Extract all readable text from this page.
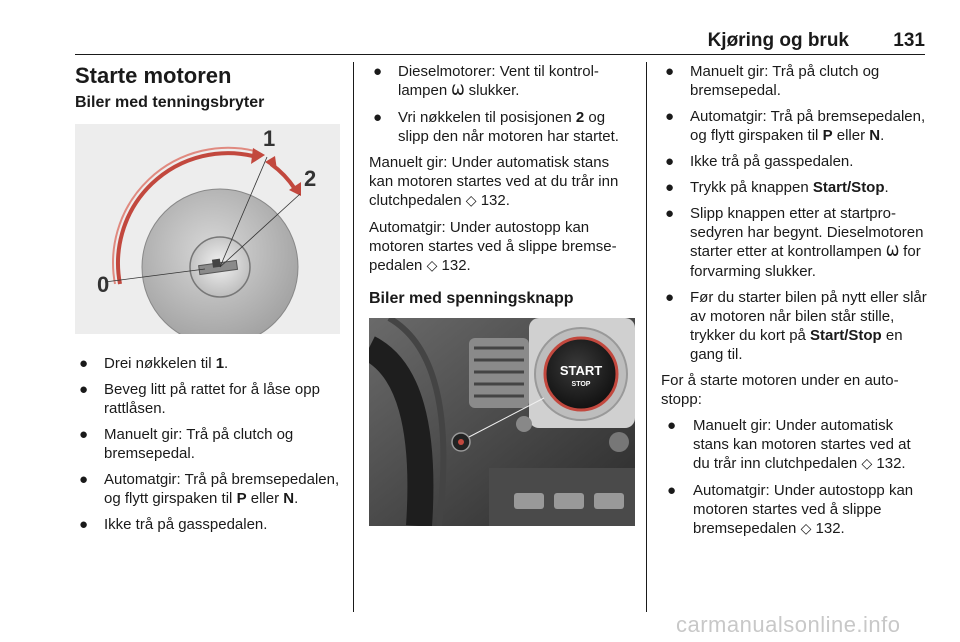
Kjøring og bruk 131
Starte motoren
Biler med tenningsbryter
1
2
0
● Drei nøkkelen til 1.
● Beveg litt på rattet for å låse opp rattlåsen.
● Manuelt gir: Trå på clutch og bremsepedal.
● Automatgir: Trå på bremsepedalen, og flytt girspaken til P eller N.
● Ikke trå på gasspedalen.
● Dieselmotorer: Vent til kontrollampen Ѡ slukker.
● Vri nøkkelen til posisjonen 2 og slipp den når motoren har startet.

Manuelt gir: Under automatisk stans kan motoren startes ved at du trår inn clutchpedalen ◇ 132.

Automatgir: Under autostopp kan motoren startes ved å slippe bremsepedalen ◇ 132.

Biler med spenningsknapp
START
STOP
● Manuelt gir: Trå på clutch og bremsepedal.
● Automatgir: Trå på bremsepedalen, og flytt girspaken til P eller N.
● Ikke trå på gasspedalen.
● Trykk på knappen Start/Stop.
● Slipp knappen etter at startprosedyren har begynt. Dieselmotoren starter etter at kontrollampen Ѡ for forvarming slukker.
● Før du starter bilen på nytt eller slår av motoren når bilen står stille, trykker du kort på Start/Stop en gang til.

For å starte motoren under en autostopp:

● Manuelt gir: Under automatisk stans kan motoren startes ved at du trår inn clutchpedalen ◇ 132.
● Automatgir: Under autostopp kan motoren startes ved å slippe bremsepedalen ◇ 132.
carmanualsonline.info
